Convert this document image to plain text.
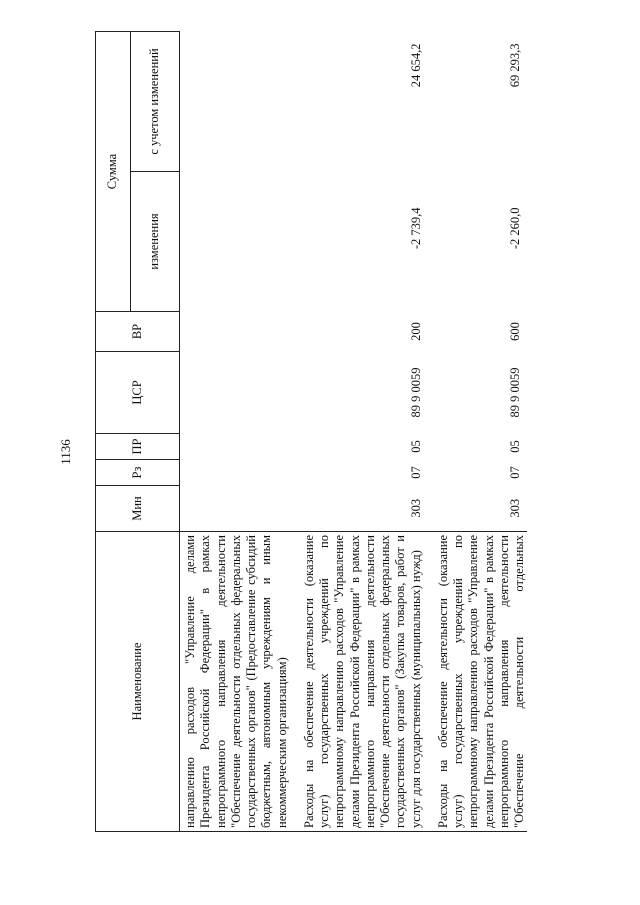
1136
Наименование	Мин	Рз	ПР	ЦСР	ВР	Сумма	
						изменения	с учетом изменений
направлению расходов "Управление делами Президента Российской Федерации" в рамках непрограммного направления деятельности "Обеспечение деятельности отдельных федеральных государственных органов" (Предоставление субсидий бюджетным, автономным учреждениям и иным некоммерческим организациям)							

Расходы на обеспечение деятельности (оказание услуг) государственных учреждений по непрограммному направлению расходов "Управление делами Президента Российской Федерации" в рамках непрограммного направления деятельности "Обеспечение деятельности отдельных федеральных государственных органов" (Закупка товаров, работ и услуг для государственных (муниципальных) нужд)	303	07	05	89 9 0059	200	-2 739,4	24 654,2

Расходы на обеспечение деятельности (оказание услуг) государственных учреждений по непрограммному направлению расходов "Управление делами Президента Российской Федерации" в рамках непрограммного направления деятельности "Обеспечение деятельности отдельных	303	07	05	89 9 0059	600	-2 260,0	69 293,3
